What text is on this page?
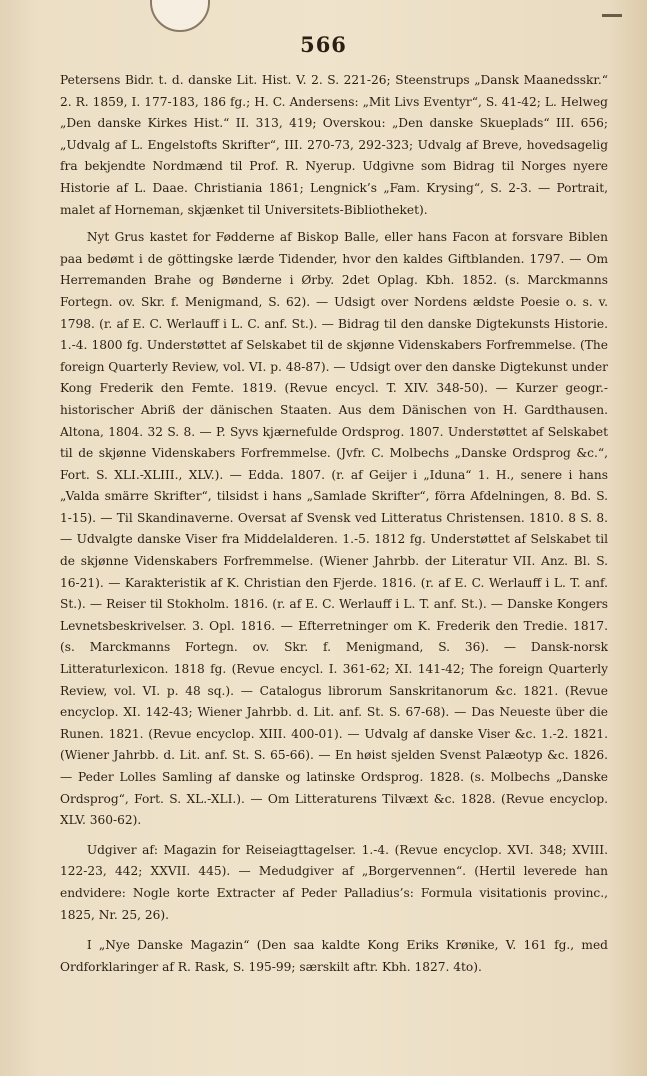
566

Petersens Bidr. t. d. danske Lit. Hist. V. 2. S. 221-26; Steenstrups „Dansk Maanedsskr.“ 2. R. 1859, I. 177-183, 186 fg.; H. C. Andersens: „Mit Livs Eventyr“, S. 41-42; L. Helweg „Den danske Kirkes Hist.“ II. 313, 419; Overskou: „Den danske Skueplads“ III. 656; „Udvalg af L. Engelstofts Skrifter“, III. 270-73, 292-323; Udvalg af Breve, hovedsagelig fra bekjendte Nordmænd til Prof. R. Nyerup. Udgivne som Bidrag til Norges nyere Historie af L. Daae. Christiania 1861; Lengnick’s „Fam. Krysing“, S. 2-3. — Portrait, malet af Horneman, skjænket til Universitets-Bibliotheket).

Nyt Grus kastet for Fødderne af Biskop Balle, eller hans Facon at forsvare Biblen paa bedømt i de göttingske lærde Tidender, hvor den kaldes Giftblanden. 1797. — Om Herremanden Brahe og Bønderne i Ørby. 2det Oplag. Kbh. 1852. (s. Marckmanns Fortegn. ov. Skr. f. Menigmand, S. 62). — Udsigt over Nordens ældste Poesie o. s. v. 1798. (r. af E. C. Werlauff i L. C. anf. St.). — Bidrag til den danske Digtekunsts Historie. 1.-4. 1800 fg. Understøttet af Selskabet til de skjønne Videnskabers Forfremmelse. (The foreign Quarterly Review, vol. VI. p. 48-87). — Udsigt over den danske Digtekunst under Kong Frederik den Femte. 1819. (Revue encycl. T. XIV. 348-50). — Kurzer geogr.-historischer Abriß der dänischen Staaten. Aus dem Dänischen von H. Gardthausen. Altona, 1804. 32 S. 8. — P. Syvs kjærnefulde Ordsprog. 1807. Understøttet af Selskabet til de skjønne Videnskabers Forfremmelse. (Jvfr. C. Molbechs „Danske Ordsprog &c.“, Fort. S. XLI.-XLIII., XLV.). — Edda. 1807. (r. af Geijer i „Iduna“ 1. H., senere i hans „Valda smärre Skrifter“, tilsidst i hans „Samlade Skrifter“, förra Afdelningen, 8. Bd. S. 1-15). — Til Skandinaverne. Oversat af Svensk ved Litteratus Christensen. 1810. 8 S. 8. — Udvalgte danske Viser fra Middelalderen. 1.-5. 1812 fg. Understøttet af Selskabet til de skjønne Videnskabers Forfremmelse. (Wiener Jahrbb. der Literatur VII. Anz. Bl. S. 16-21). — Karakteristik af K. Christian den Fjerde. 1816. (r. af E. C. Werlauff i L. T. anf. St.). — Reiser til Stokholm. 1816. (r. af E. C. Werlauff i L. T. anf. St.). — Danske Kongers Levnetsbeskrivelser. 3. Opl. 1816. — Efterretninger om K. Frederik den Tredie. 1817. (s. Marckmanns Fortegn. ov. Skr. f. Menigmand, S. 36). — Dansk-norsk Litteraturlexicon. 1818 fg. (Revue encycl. I. 361-62; XI. 141-42; The foreign Quarterly Review, vol. VI. p. 48 sq.). — Catalogus librorum Sanskritanorum &c. 1821. (Revue encyclop. XI. 142-43; Wiener Jahrbb. d. Lit. anf. St. S. 67-68). — Das Neueste über die Runen. 1821. (Revue encyclop. XIII. 400-01). — Udvalg af danske Viser &c. 1.-2. 1821. (Wiener Jahrbb. d. Lit. anf. St. S. 65-66). — En høist sjelden Svenst Palæotyp &c. 1826. — Peder Lolles Samling af danske og latinske Ordsprog. 1828. (s. Molbechs „Danske Ordsprog“, Fort. S. XL.-XLI.). — Om Litteraturens Tilvæxt &c. 1828. (Revue encyclop. XLV. 360-62).

Udgiver af: Magazin for Reiseiagttagelser. 1.-4. (Revue encyclop. XVI. 348; XVIII. 122-23, 442; XXVII. 445). — Medudgiver af „Borgervennen“. (Hertil leverede han endvidere: Nogle korte Extracter af Peder Palladius’s: Formula visitationis provinc., 1825, Nr. 25, 26).

I „Nye Danske Magazin“ (Den saa kaldte Kong Eriks Krønike, V. 161 fg., med Ordforklaringer af R. Rask, S. 195-99; særskilt aftr. Kbh. 1827. 4to).
